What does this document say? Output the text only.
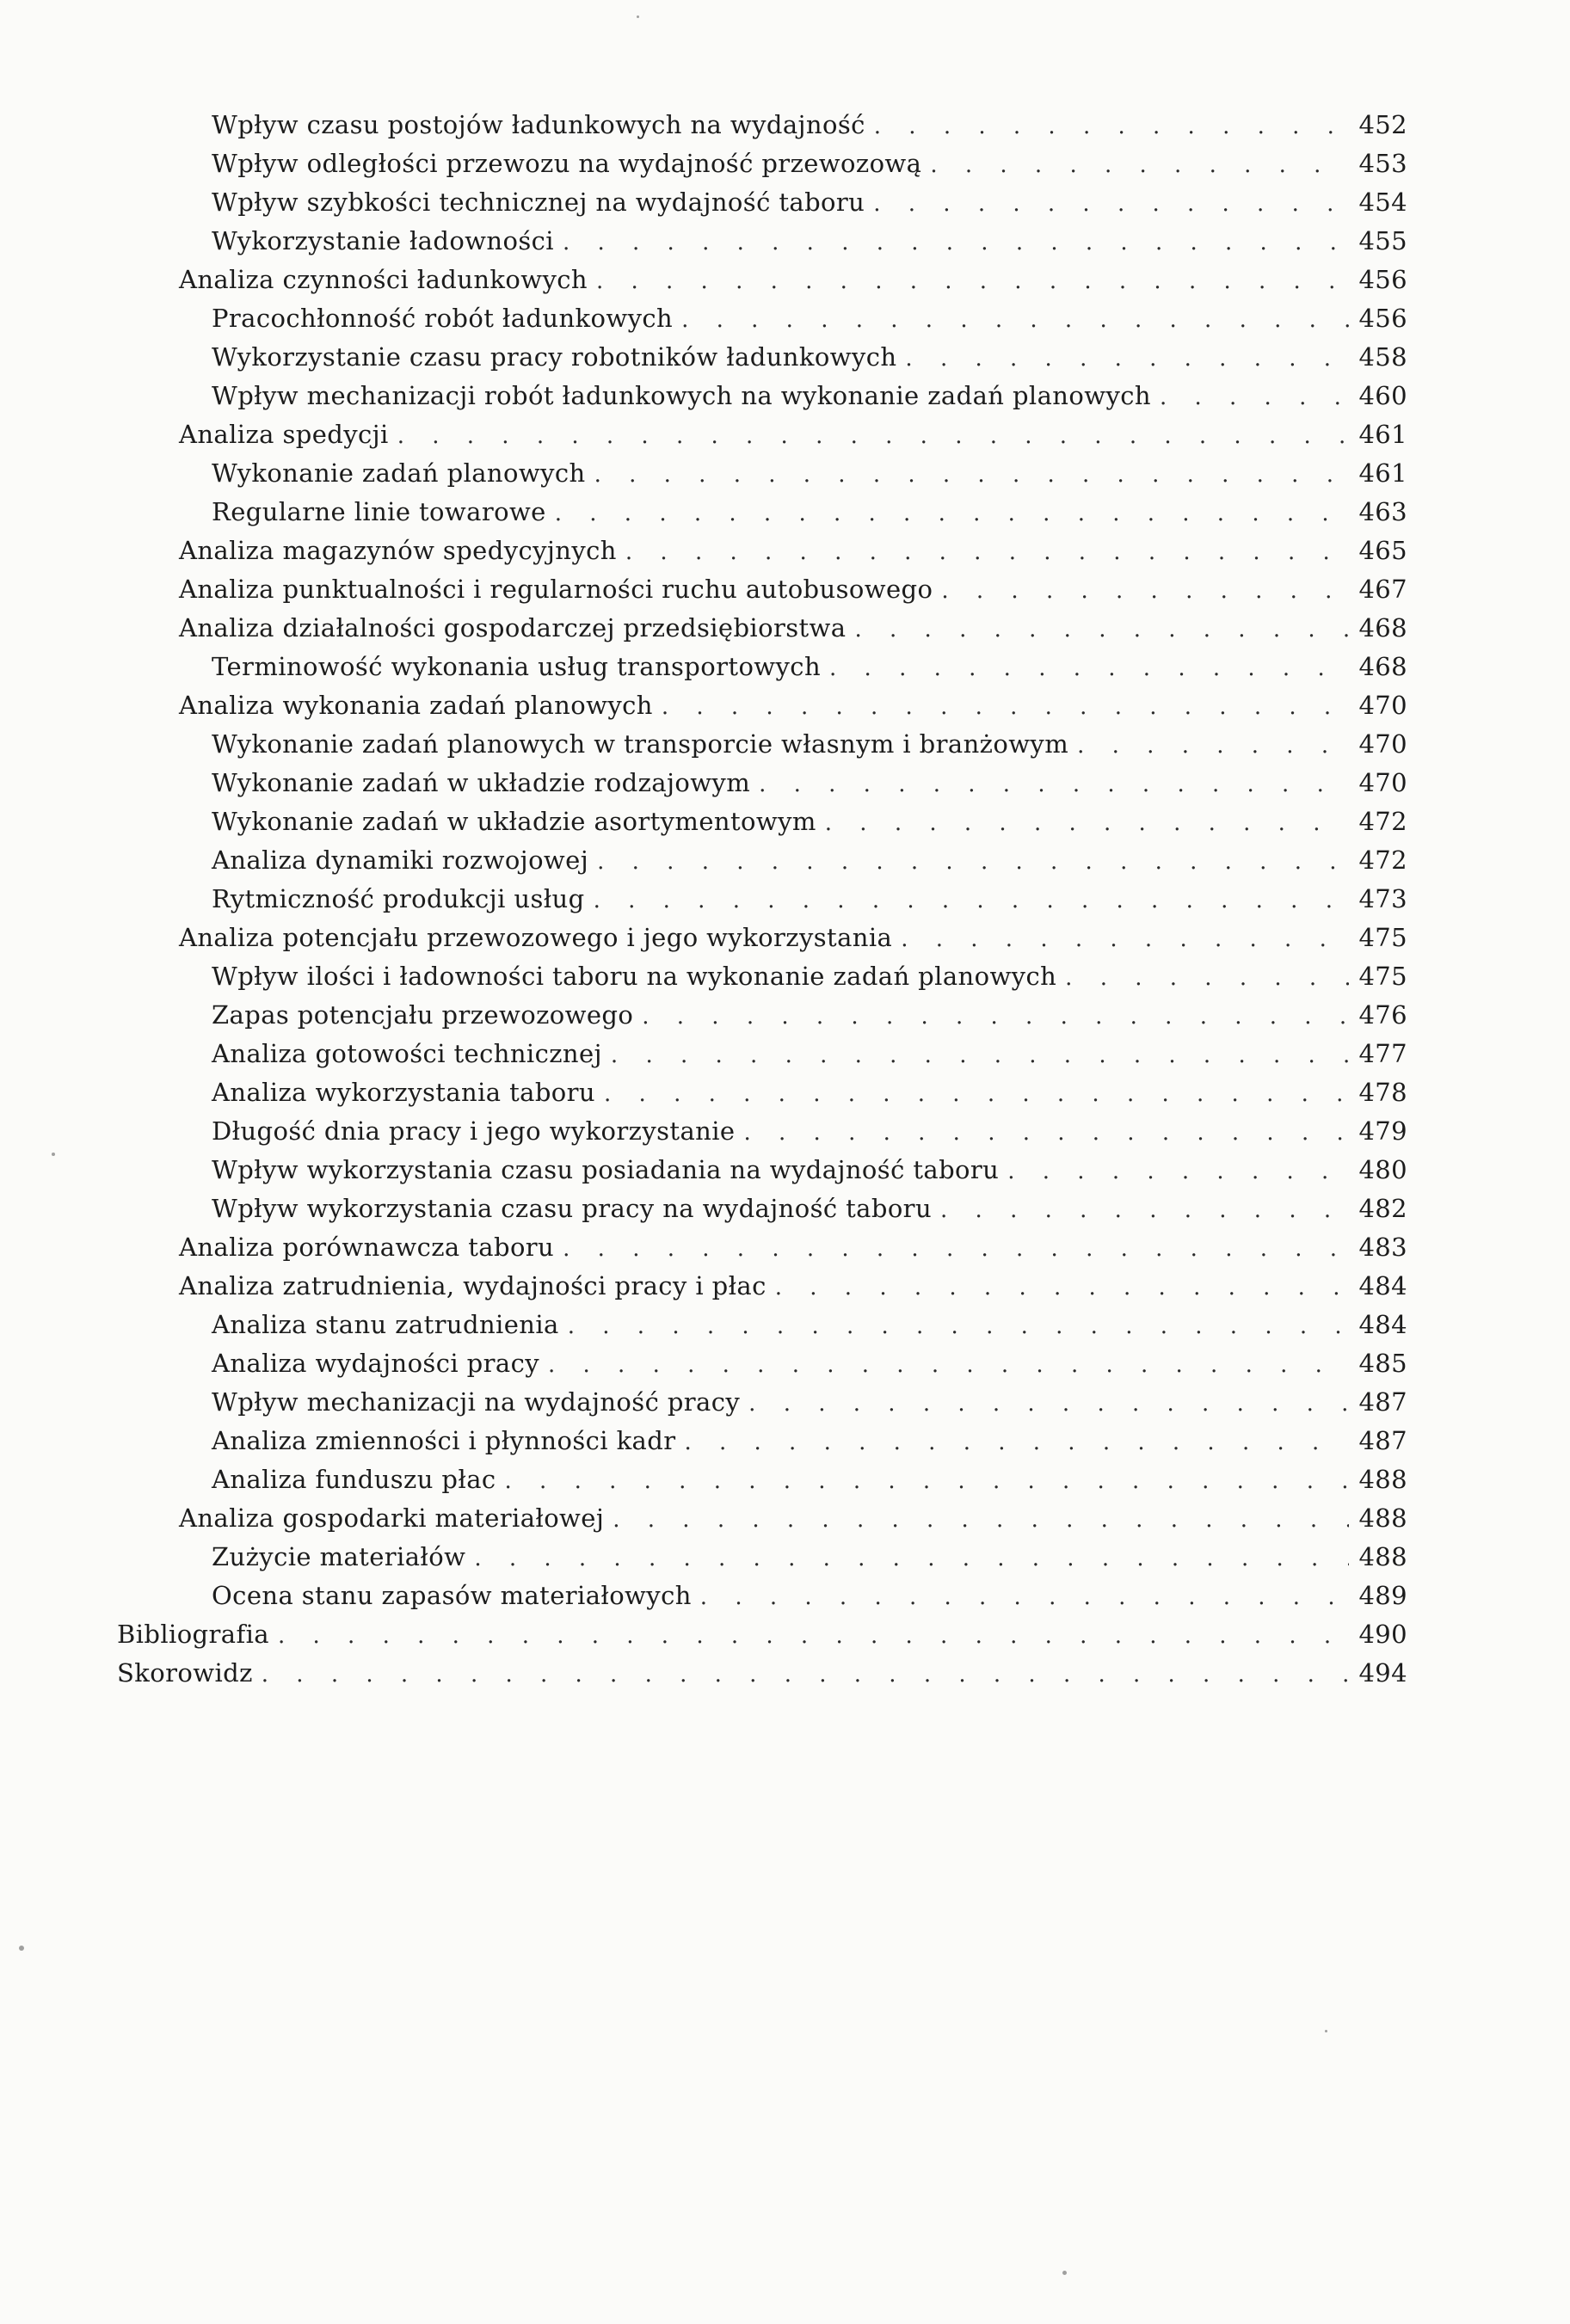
Wpływ czasu postojów ładunkowych na wydajność . . .	452
Wpływ odległości przewozu na wydajność przewozową . . .	453
Wpływ szybkości technicznej na wydajność taboru . . .	454
Wykorzystanie ładowności . . .	455
Analiza czynności ładunkowych . . .	456
Pracochłonność robót ładunkowych . . .	456
Wykorzystanie czasu pracy robotników ładunkowych . . .	458
Wpływ mechanizacji robót ładunkowych na wykonanie zadań planowych . . .	460
Analiza spedycji . . .	461
Wykonanie zadań planowych . . .	461
Regularne linie towarowe . . .	463
Analiza magazynów spedycyjnych . . .	465
Analiza punktualności i regularności ruchu autobusowego . . .	467
Analiza działalności gospodarczej przedsiębiorstwa . . .	468
Terminowość wykonania usług transportowych . . .	468
Analiza wykonania zadań planowych . . .	470
Wykonanie zadań planowych w transporcie własnym i branżowym . . .	470
Wykonanie zadań w układzie rodzajowym . . .	470
Wykonanie zadań w układzie asortymentowym . . .	472
Analiza dynamiki rozwojowej . . .	472
Rytmiczność produkcji usług . . .	473
Analiza potencjału przewozowego i jego wykorzystania . . .	475
Wpływ ilości i ładowności taboru na wykonanie zadań planowych . . .	475
Zapas potencjału przewozowego . . .	476
Analiza gotowości technicznej . . .	477
Analiza wykorzystania taboru . . .	478
Długość dnia pracy i jego wykorzystanie . . .	479
Wpływ wykorzystania czasu posiadania na wydajność taboru . . .	480
Wpływ wykorzystania czasu pracy na wydajność taboru . . .	482
Analiza porównawcza taboru . . .	483
Analiza zatrudnienia, wydajności pracy i płac . . .	484
Analiza stanu zatrudnienia . . .	484
Analiza wydajności pracy . . .	485
Wpływ mechanizacji na wydajność pracy . . .	487
Analiza zmienności i płynności kadr . . .	487
Analiza funduszu płac . . .	488
Analiza gospodarki materiałowej . . .	488
Zużycie materiałów . . .	488
Ocena stanu zapasów materiałowych . . .	489
Bibliografia . . .	490
Skorowidz . . .	494
